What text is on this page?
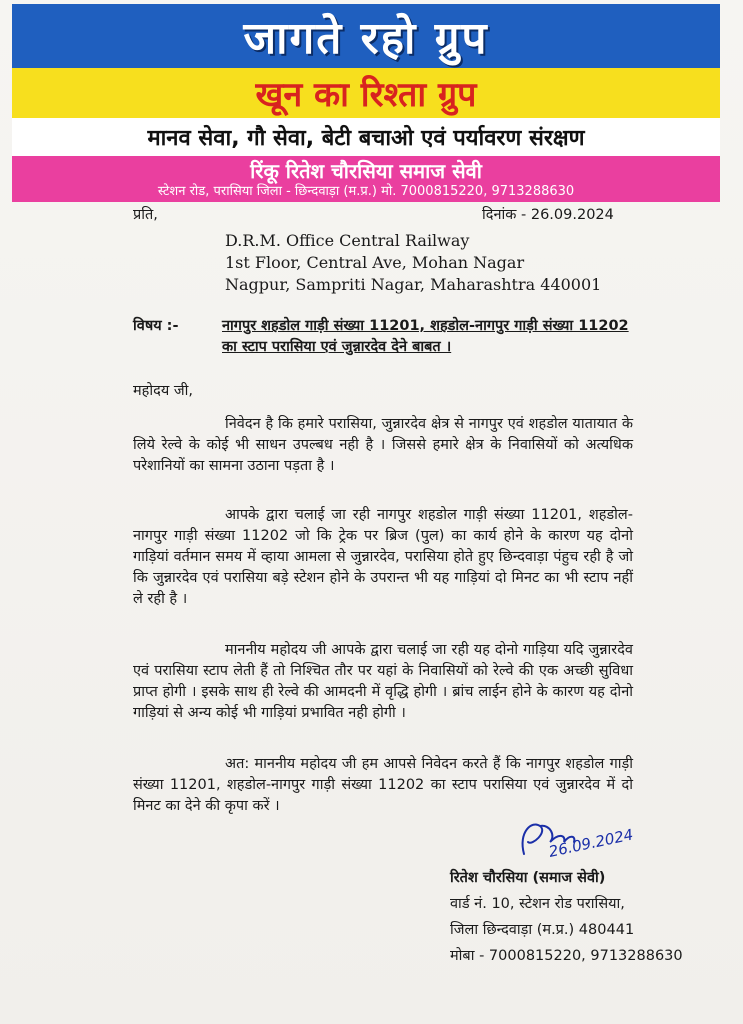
जागते रहो ग्रुप
खून का रिश्ता ग्रुप
मानव सेवा, गौ सेवा, बेटी बचाओ एवं पर्यावरण संरक्षण
रिंकू रितेश चौरसिया समाज सेवी
स्टेशन रोड, परासिया जिला - छिन्दवाड़ा (म.प्र.) मो. 7000815220, 9713288630
प्रति,	दिनांक - 26.09.2024
D.R.M. Office Central Railway
1st Floor, Central Ave, Mohan Nagar
Nagpur, Sampriti Nagar, Maharashtra 440001
विषय :-	नागपुर शहडोल गाड़ी संख्या 11201, शहडोल-नागपुर गाड़ी संख्या 11202 का स्टाप परासिया एवं जुन्नारदेव देने बाबत ।
महोदय जी,
निवेदन है कि हमारे परासिया, जुन्नारदेव क्षेत्र से नागपुर एवं शहडोल यातायात के लिये रेल्वे के कोई भी साधन उपल्बध नही है । जिससे हमारे क्षेत्र के निवासियों को अत्यधिक परेशानियों का सामना उठाना पड़ता है ।
आपके द्वारा चलाई जा रही नागपुर शहडोल गाड़ी संख्या 11201, शहडोल-नागपुर गाड़ी संख्या 11202 जो कि ट्रेक पर ब्रिज (पुल) का कार्य होने के कारण यह दोनो गाड़ियां वर्तमान समय में व्हाया आमला से जुन्नारदेव, परासिया होते हुए छिन्दवाड़ा पंहुच रही है जो कि जुन्नारदेव एवं परासिया बड़े स्टेशन होने के उपरान्त भी यह गाड़ियां दो मिनट का भी स्टाप नहीं ले रही है ।
माननीय महोदय जी आपके द्वारा चलाई जा रही यह दोनो गाड़िया यदि जुन्नारदेव एवं परासिया स्टाप लेती हैं तो निश्चित तौर पर यहां के निवासियों को रेल्वे की एक अच्छी सुविधा प्राप्त होगी । इसके साथ ही रेल्वे की आमदनी में वृद्धि होगी । ब्रांच लाईन होने के कारण यह दोनो गाड़ियां से अन्य कोई भी गाड़ियां प्रभावित नही होगी ।
अत: माननीय महोदय जी हम आपसे निवेदन करते हैं कि नागपुर शहडोल गाड़ी संख्या 11201, शहडोल-नागपुर गाड़ी संख्या 11202 का स्टाप परासिया एवं जुन्नारदेव में दो मिनट का देने की कृपा करें ।
26.09.2024
रितेश चौरसिया (समाज सेवी)
वार्ड नं. 10, स्टेशन रोड परासिया,
जिला छिन्दवाड़ा (म.प्र.) 480441
मोबा - 7000815220, 9713288630
